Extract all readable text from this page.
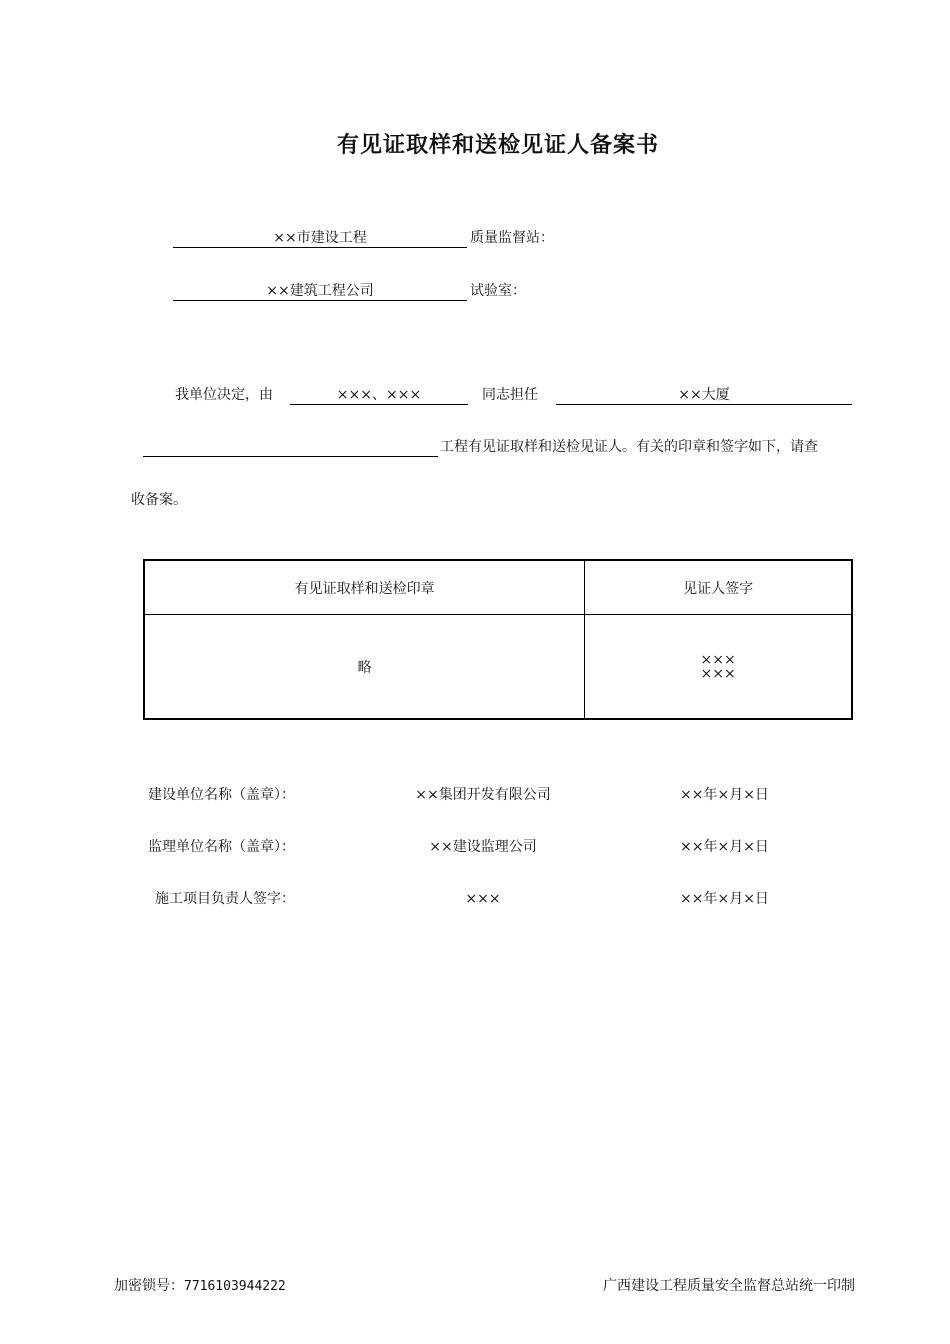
有见证取样和送检见证人备案书
××市建设工程	质量监督站：
××建筑工程公司	试验室：
我单位决定，由	×××、×××	同志担任	××大厦
工程有见证取样和送检见证人。有关的印章和签字如下，请查
收备案。
有见证取样和送检印章	见证人签字
略	×××
×××
建设单位名称（盖章）：	××集团开发有限公司	××年×月×日
监理单位名称（盖章）：	××建设监理公司	××年×月×日
施工项目负责人签字：	×××	××年×月×日
加密锁号：7716103944222	广西建设工程质量安全监督总站统一印制
